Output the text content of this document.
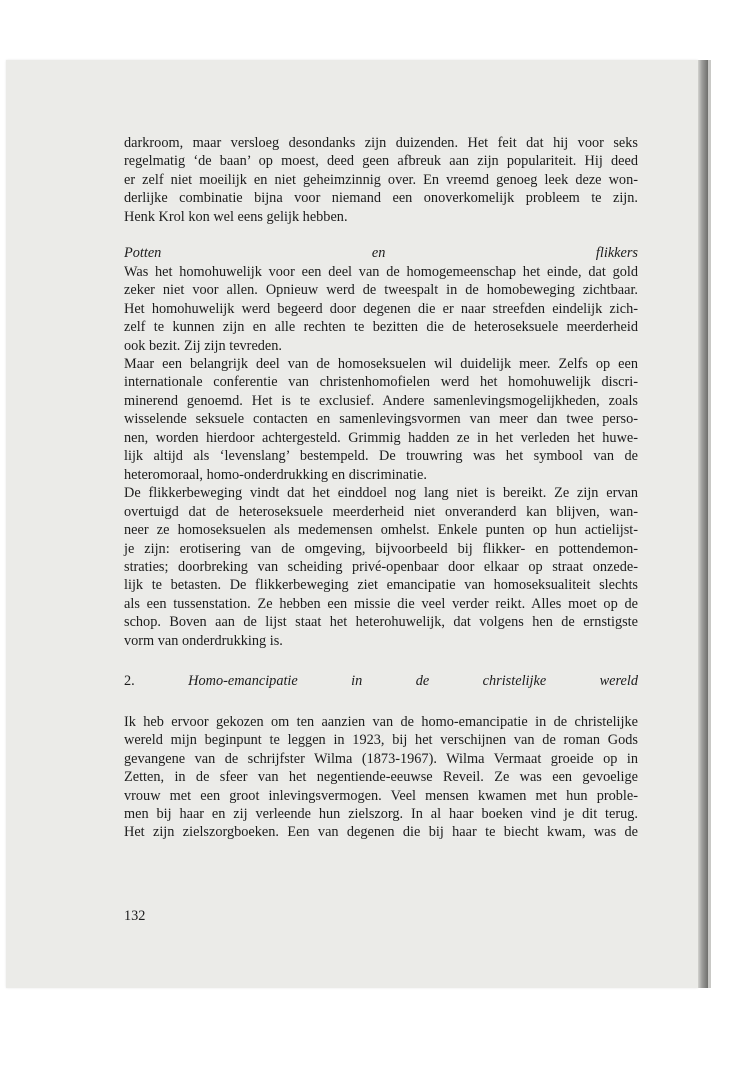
darkroom, maar versloeg desondanks zijn duizenden. Het feit dat hij voor seks

regelmatig ‘de baan’ op moest, deed geen afbreuk aan zijn populariteit. Hij deed

er zelf niet moeilijk en niet geheimzinnig over. En vreemd genoeg leek deze won-

derlijke combinatie bijna voor niemand een onoverkomelijk probleem te zijn.

Henk Krol kon wel eens gelijk hebben.

Potten en flikkers

Was het homohuwelijk voor een deel van de homogemeenschap het einde, dat gold

zeker niet voor allen. Opnieuw werd de tweespalt in de homobeweging zichtbaar.

Het homohuwelijk werd begeerd door degenen die er naar streefden eindelijk zich-

zelf te kunnen zijn en alle rechten te bezitten die de heteroseksuele meerderheid

ook bezit. Zij zijn tevreden.

Maar een belangrijk deel van de homoseksuelen wil duidelijk meer. Zelfs op een

internationale conferentie van christenhomofielen werd het homohuwelijk discri-

minerend genoemd. Het is te exclusief. Andere samenlevingsmogelijkheden, zoals

wisselende seksuele contacten en samenlevingsvormen van meer dan twee perso-

nen, worden hierdoor achtergesteld. Grimmig hadden ze in het verleden het huwe-

lijk altijd als ‘levenslang’ bestempeld. De trouwring was het symbool van de

heteromoraal, homo-onderdrukking en discriminatie.

De flikkerbeweging vindt dat het einddoel nog lang niet is bereikt. Ze zijn ervan

overtuigd dat de heteroseksuele meerderheid niet onveranderd kan blijven, wan-

neer ze homoseksuelen als medemensen omhelst. Enkele punten op hun actielijst-

je zijn: erotisering van de omgeving, bijvoorbeeld bij flikker- en pottendemon-

straties; doorbreking van scheiding privé-openbaar door elkaar op straat onzede-

lijk te betasten. De flikkerbeweging ziet emancipatie van homoseksualiteit slechts

als een tussenstation. Ze hebben een missie die veel verder reikt. Alles moet op de

schop. Boven aan de lijst staat het heterohuwelijk, dat volgens hen de ernstigste

vorm van onderdrukking is.

2.	Homo-emancipatie in de christelijke wereld

Ik heb ervoor gekozen om ten aanzien van de homo-emancipatie in de christelijke

wereld mijn beginpunt te leggen in 1923, bij het verschijnen van de roman Gods

gevangene van de schrijfster Wilma (1873-1967). Wilma Vermaat groeide op in

Zetten, in de sfeer van het negentiende-eeuwse Reveil. Ze was een gevoelige

vrouw met een groot inlevingsvermogen. Veel mensen kwamen met hun proble-

men bij haar en zij verleende hun zielszorg. In al haar boeken vind je dit terug.

Het zijn zielszorgboeken. Een van degenen die bij haar te biecht kwam, was de

132
